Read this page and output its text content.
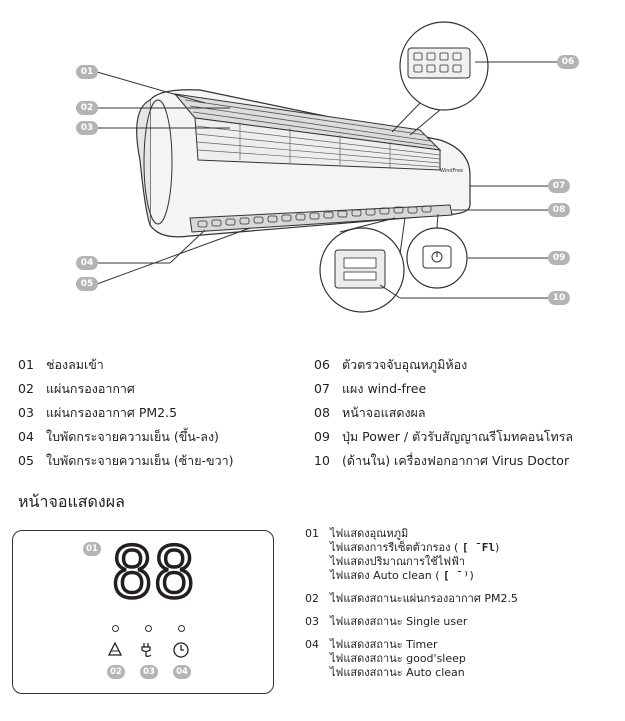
WindFree
01
02
03
04
05
06
07
08
09
10
01 ช่องลมเข้า
02 แผ่นกรองอากาศ
03 แผ่นกรองอากาศ PM2.5
04 ใบพัดกระจายความเย็น (ขึ้น-ลง)
05 ใบพัดกระจายความเย็น (ซ้าย-ขวา)
06 ตัวตรวจจับอุณหภูมิห้อง
07 แผง wind-free
08 หน้าจอแสดงผล
09 ปุ่ม Power / ตัวรับสัญญาณรีโมทคอนโทรล
10 (ด้านใน) เครื่องฟอกอากาศ Virus Doctor
หน้าจอแสดงผล
01 88
02	03	04
01 ไฟแสดงอุณหภูมิ
ไฟแสดงการรีเซ็ตตัวกรอง ( [ ̄ Fl)
ไฟแสดงปริมาณการใช้ไฟฟ้า
ไฟแสดง Auto clean ( [ ̄ ⁾)
02 ไฟแสดงสถานะแผ่นกรองอากาศ PM2.5
03 ไฟแสดงสถานะ Single user
04 ไฟแสดงสถานะ Timer
ไฟแสดงสถานะ good'sleep
ไฟแสดงสถานะ Auto clean
